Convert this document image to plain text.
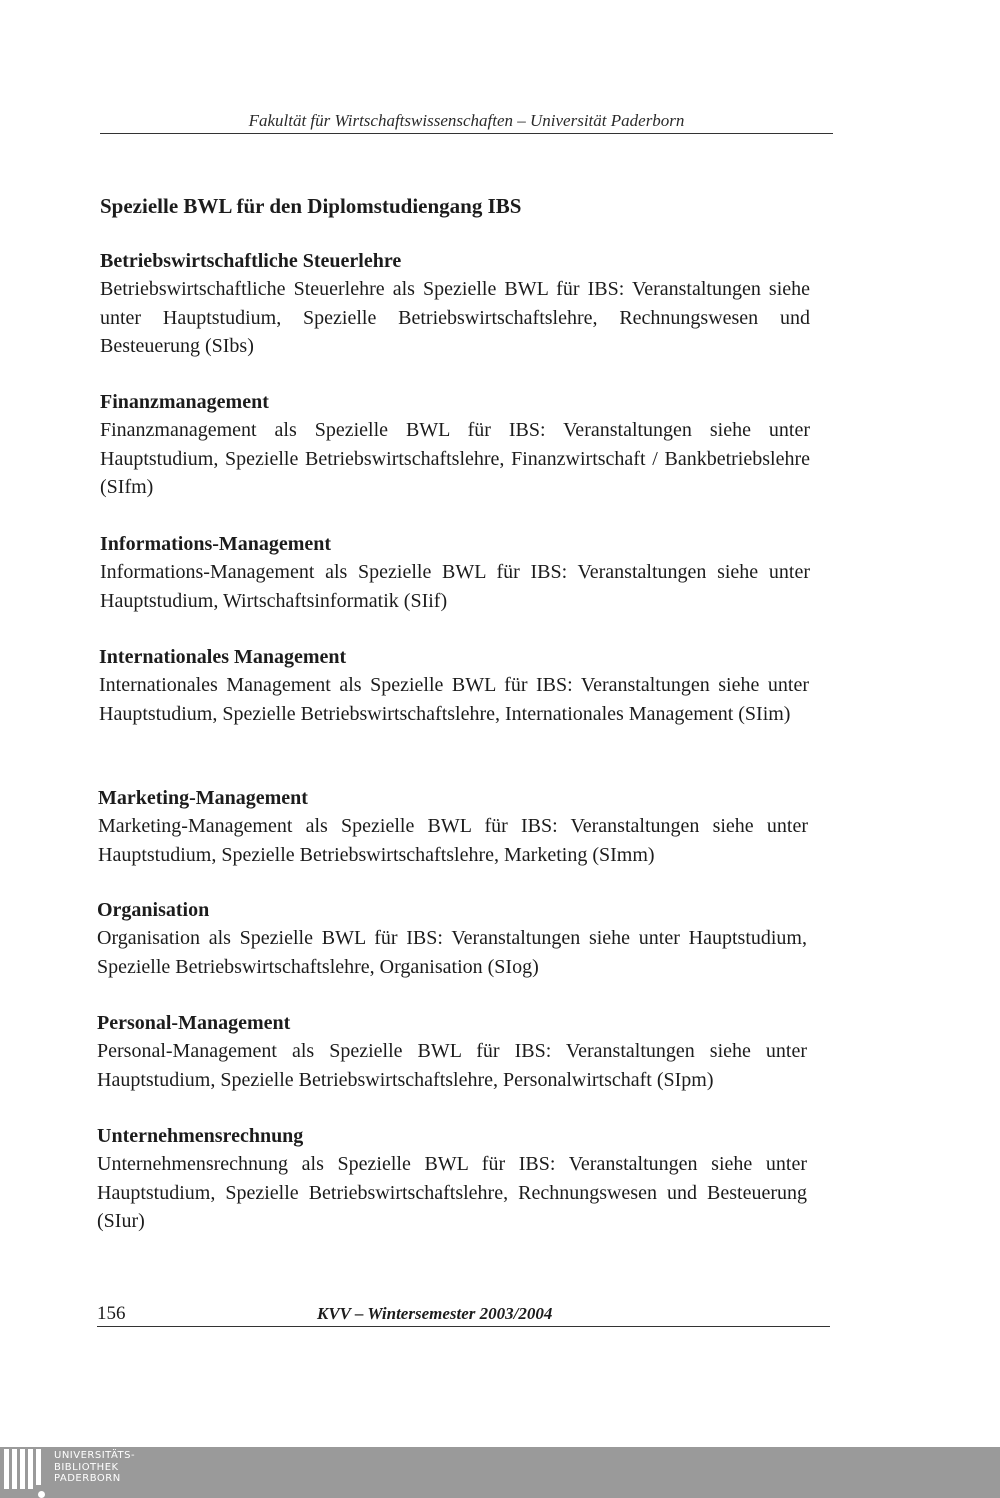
Fakultät für Wirtschaftswissenschaften – Universität Paderborn
Spezielle BWL für den Diplomstudiengang IBS
Betriebswirtschaftliche Steuerlehre

Betriebswirtschaftliche Steuerlehre als Spezielle BWL für IBS: Veranstaltungen siehe unter Hauptstudium, Spezielle Betriebswirtschaftslehre, Rechnungswesen und Besteuerung (SIbs)

Finanzmanagement

Finanzmanagement als Spezielle BWL für IBS: Veranstaltungen siehe unter Hauptstudium, Spezielle Betriebswirtschaftslehre, Finanzwirtschaft / Bankbetriebslehre (SIfm)

Informations-Management

Informations-Management als Spezielle BWL für IBS: Veranstaltungen siehe unter Hauptstudium, Wirtschaftsinformatik (SIif)

Internationales Management

Internationales Management als Spezielle BWL für IBS: Veranstaltungen siehe unter Hauptstudium, Spezielle Betriebswirtschaftslehre, Internationales Management (SIim)

Marketing-Management

Marketing-Management als Spezielle BWL für IBS: Veranstaltungen siehe unter Hauptstudium, Spezielle Betriebswirtschaftslehre, Marketing (SImm)

Organisation

Organisation als Spezielle BWL für IBS: Veranstaltungen siehe unter Hauptstudium, Spezielle Betriebswirtschaftslehre, Organisation (SIog)

Personal-Management

Personal-Management als Spezielle BWL für IBS: Veranstaltungen siehe unter Hauptstudium, Spezielle Betriebswirtschaftslehre, Personalwirtschaft (SIpm)

Unternehmensrechnung

Unternehmensrechnung als Spezielle BWL für IBS: Veranstaltungen siehe unter Hauptstudium, Spezielle Betriebswirtschaftslehre, Rechnungswesen und Besteuerung (SIur)

156	KVV – Wintersemester 2003/2004
UNIVERSITÄTS-
BIBLIOTHEK
PADERBORN
